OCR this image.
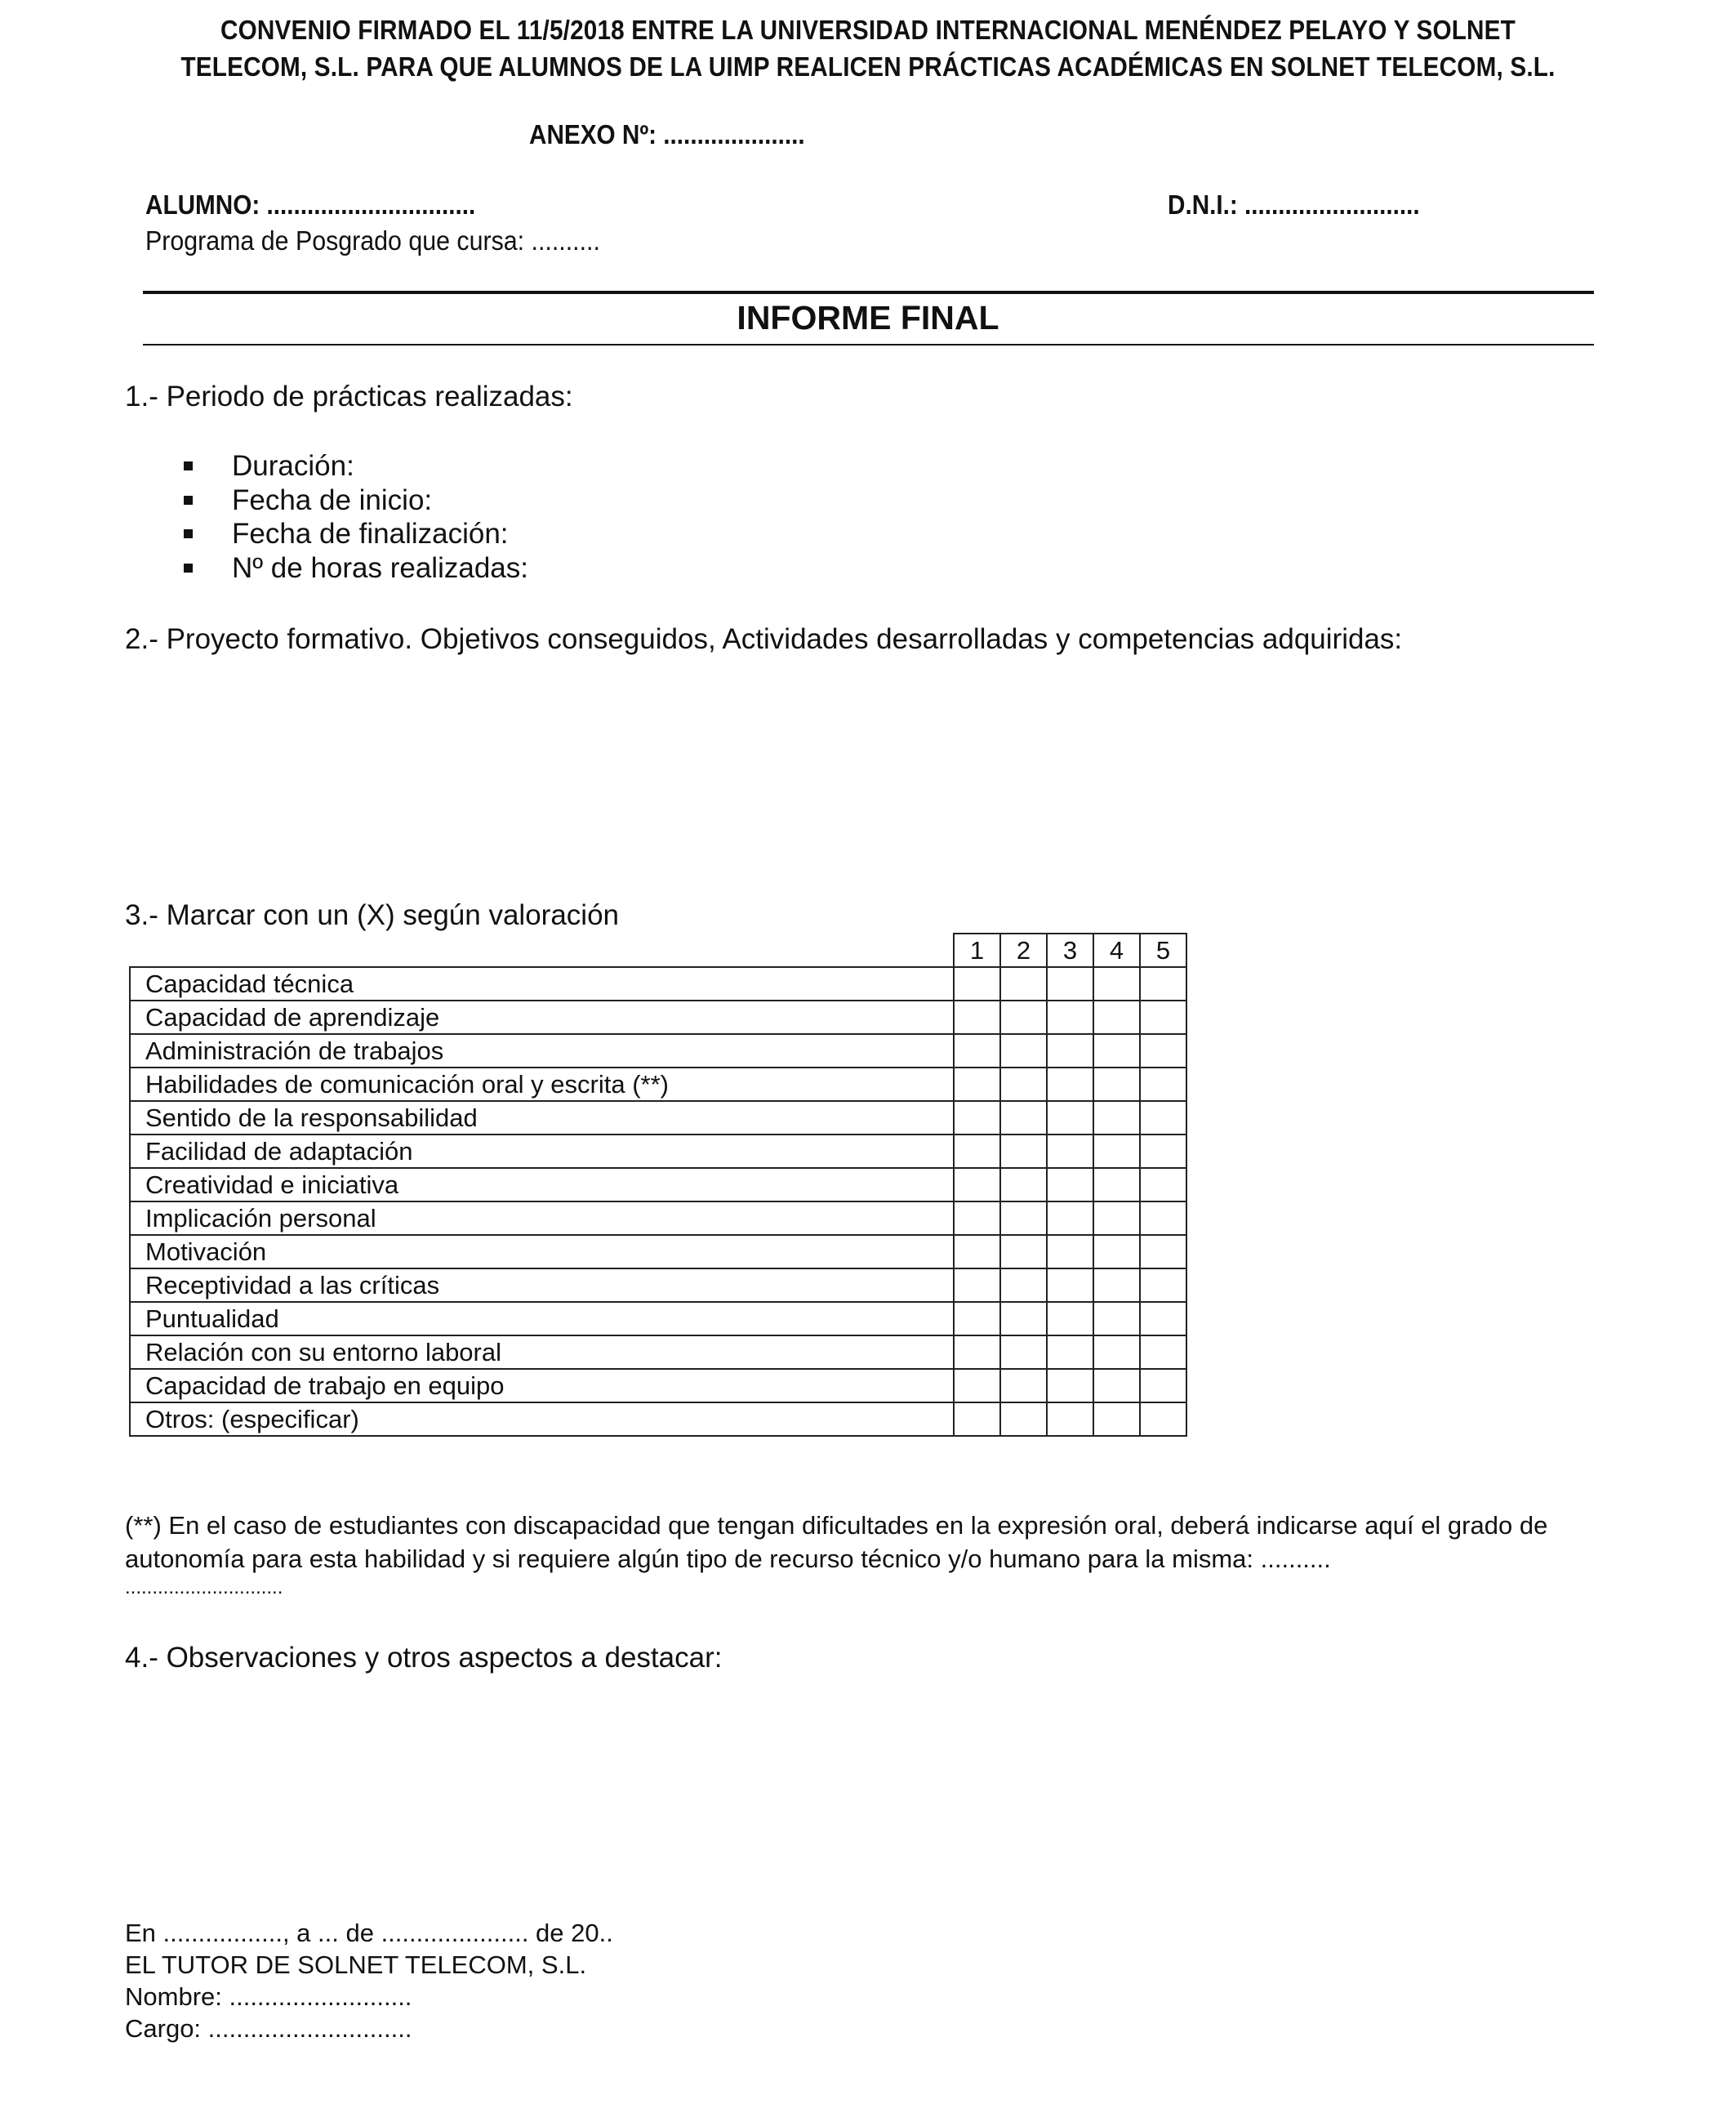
CONVENIO FIRMADO EL 11/5/2018 ENTRE LA UNIVERSIDAD INTERNACIONAL MENÉNDEZ PELAYO Y SOLNET
TELECOM, S.L. PARA QUE ALUMNOS DE LA UIMP REALICEN PRÁCTICAS ACADÉMICAS EN SOLNET TELECOM, S.L.
ANEXO Nº: .....................
ALUMNO: ...............................	D.N.I.: ..........................
Programa de Posgrado que cursa: ..........
INFORME FINAL
1.- Periodo de prácticas realizadas:
Duración:
Fecha de inicio:
Fecha de finalización:
Nº de horas realizadas:
2.- Proyecto formativo. Objetivos conseguidos, Actividades desarrolladas y competencias adquiridas:
3.- Marcar con un (X) según valoración
	1	2	3	4	5
Capacidad técnica					
Capacidad de aprendizaje					
Administración de trabajos					
Habilidades de comunicación oral y escrita (**)					
Sentido de la responsabilidad					
Facilidad de adaptación					
Creatividad e iniciativa					
Implicación personal					
Motivación					
Receptividad a las críticas					
Puntualidad					
Relación con su entorno laboral					
Capacidad de trabajo en equipo					
Otros: (especificar)					
(**) En el caso de estudiantes con discapacidad que tengan dificultades en la expresión oral, deberá indicarse aquí el grado de
autonomía para esta habilidad y si requiere algún tipo de recurso técnico y/o humano para la misma: ..........
.............................
4.- Observaciones y otros aspectos a destacar:
En ................., a ... de ..................... de 20..
EL TUTOR DE SOLNET TELECOM, S.L.
Nombre: ..........................
Cargo: .............................
